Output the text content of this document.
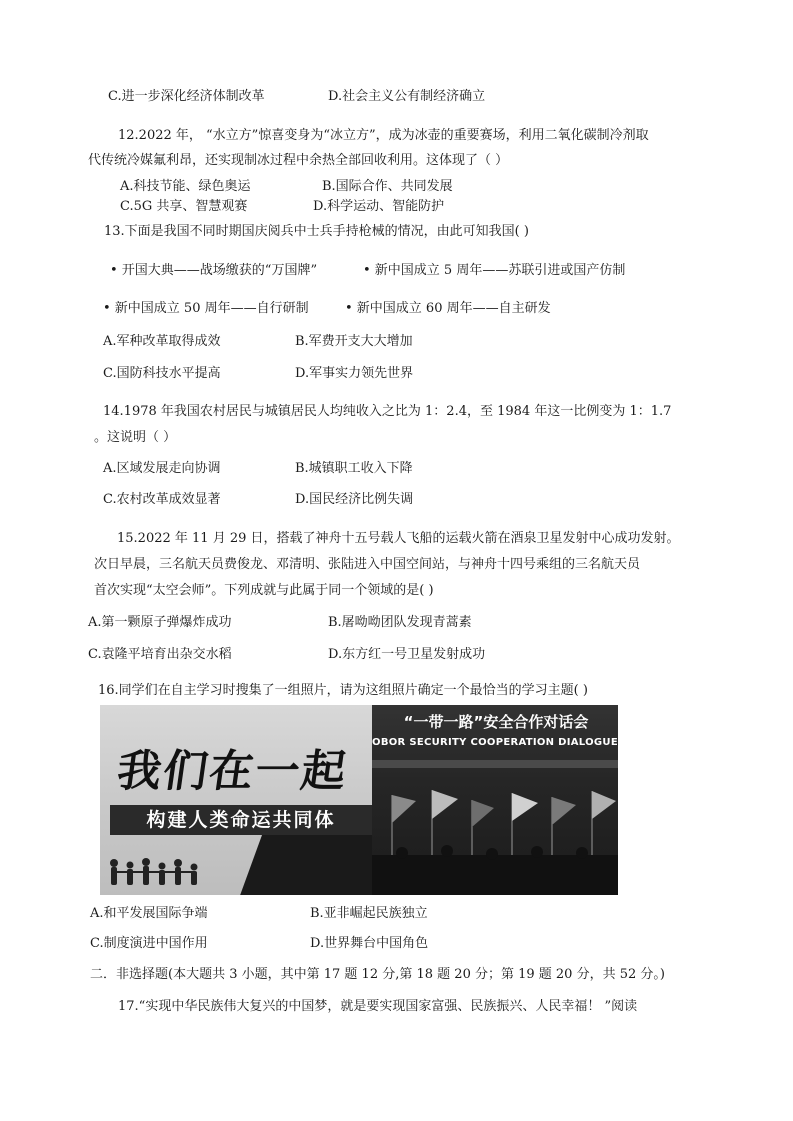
C.进一步深化经济体制改革	D.社会主义公有制经济确立
12.2022 年， “水立方”惊喜变身为“冰立方”，成为冰壶的重要赛场，利用二氧化碳制冷剂取
代传统冷媒氟利昂，还实现制冰过程中余热全部回收利用。这体现了（ ）
A.科技节能、绿色奥运	B.国际合作、共同发展
C.5G 共享、智慧观赛	D.科学运动、智能防护
13.下面是我国不同时期国庆阅兵中士兵手持枪械的情况，由此可知我国( )
• 开国大典——战场缴获的“万国牌”	• 新中国成立 5 周年——苏联引进或国产仿制
• 新中国成立 50 周年——自行研制	• 新中国成立 60 周年——自主研发
A.军种改革取得成效	B.军费开支大大增加
C.国防科技水平提高	D.军事实力领先世界
14.1978 年我国农村居民与城镇居民人均纯收入之比为 1：2.4，至 1984 年这一比例变为 1：1.7
。这说明（ ）
A.区域发展走向协调	B.城镇职工收入下降
C.农村改革成效显著	D.国民经济比例失调
15.2022 年 11 月 29 日，搭载了神舟十五号载人飞船的运载火箭在酒泉卫星发射中心成功发射。
次日早晨，三名航天员费俊龙、邓清明、张陆进入中国空间站，与神舟十四号乘组的三名航天员
首次实现“太空会师”。下列成就与此属于同一个领域的是( )
A.第一颗原子弹爆炸成功	B.屠呦呦团队发现青蒿素
C.袁隆平培育出杂交水稻	D.东方红一号卫星发射成功
16.同学们在自主学习时搜集了一组照片，请为这组照片确定一个最恰当的学习主题( )
我们在一起
构建人类命运共同体
“一带一路”安全合作对话会
OBOR SECURITY COOPERATION DIALOGUE
A.和平发展国际争端	B.亚非崛起民族独立
C.制度演进中国作用	D.世界舞台中国角色
二．非选择题(本大题共 3 小题，其中第 17 题 12 分,第 18 题 20 分；第 19 题 20 分，共 52 分。)
17.“实现中华民族伟大复兴的中国梦，就是要实现国家富强、民族振兴、人民幸福！ ”阅读
